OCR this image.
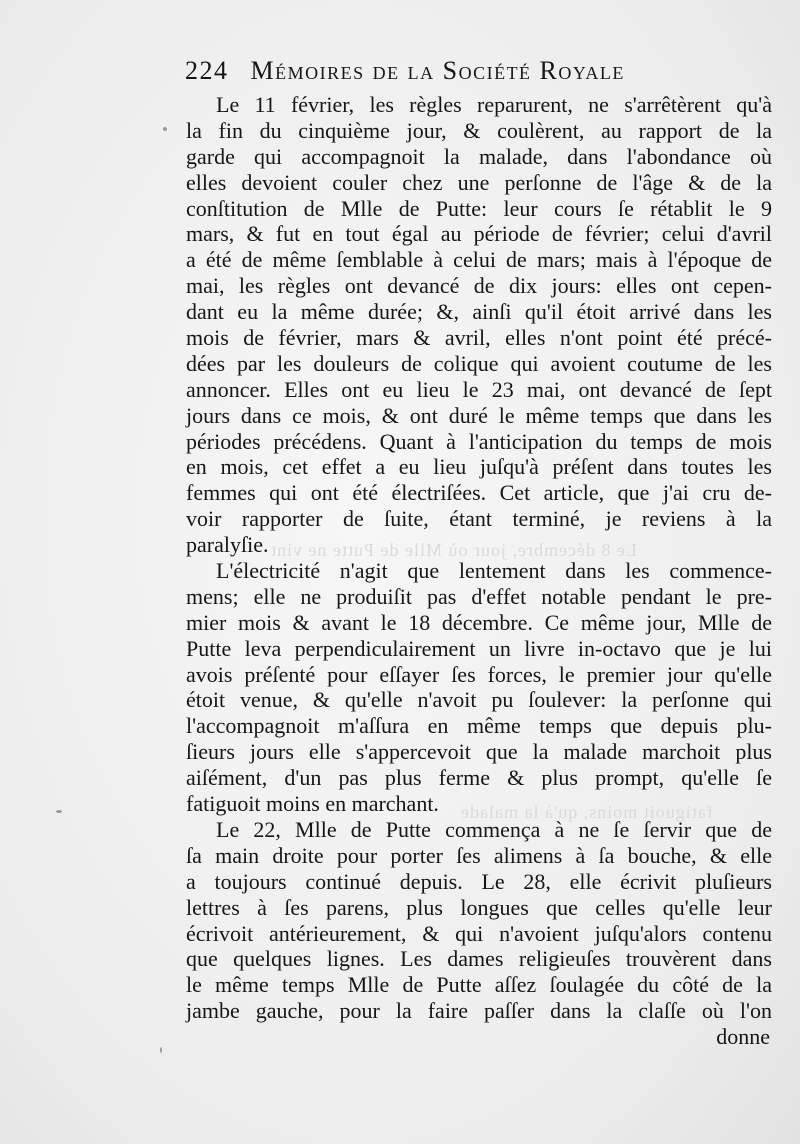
Le 8 décembre, jour où Mlle de Putte ne vint
fatiguoit moins, qu'à la malade
224 Mémoires de la Société Royale
Le 11 février, les règles reparurent, ne s'arrêtèrent qu'à
la fin du cinquième jour, & coulèrent, au rapport de la
garde qui accompagnoit la malade, dans l'abondance où
elles devoient couler chez une perſonne de l'âge & de la
conſtitution de Mlle de Putte: leur cours ſe rétablit le 9
mars, & fut en tout égal au période de février; celui d'avril
a été de même ſemblable à celui de mars; mais à l'époque de
mai, les règles ont devancé de dix jours: elles ont cepen-
dant eu la même durée; &, ainſi qu'il étoit arrivé dans les
mois de février, mars & avril, elles n'ont point été précé-
dées par les douleurs de colique qui avoient coutume de les
annoncer. Elles ont eu lieu le 23 mai, ont devancé de ſept
jours dans ce mois, & ont duré le même temps que dans les
périodes précédens. Quant à l'anticipation du temps de mois
en mois, cet effet a eu lieu juſqu'à préſent dans toutes les
femmes qui ont été électriſées. Cet article, que j'ai cru de-
voir rapporter de ſuite, étant terminé, je reviens à la
paralyſie.
L'électricité n'agit que lentement dans les commence-
mens; elle ne produiſit pas d'effet notable pendant le pre-
mier mois & avant le 18 décembre. Ce même jour, Mlle de
Putte leva perpendiculairement un livre in-octavo que je lui
avois préſenté pour eſſayer ſes forces, le premier jour qu'elle
étoit venue, & qu'elle n'avoit pu ſoulever: la perſonne qui
l'accompagnoit m'aſſura en même temps que depuis plu-
ſieurs jours elle s'appercevoit que la malade marchoit plus
aiſément, d'un pas plus ferme & plus prompt, qu'elle ſe
fatiguoit moins en marchant.
Le 22, Mlle de Putte commença à ne ſe ſervir que de
ſa main droite pour porter ſes alimens à ſa bouche, & elle
a toujours continué depuis. Le 28, elle écrivit pluſieurs
lettres à ſes parens, plus longues que celles qu'elle leur
écrivoit antérieurement, & qui n'avoient juſqu'alors contenu
que quelques lignes. Les dames religieuſes trouvèrent dans
le même temps Mlle de Putte aſſez ſoulagée du côté de la
jambe gauche, pour la faire paſſer dans la claſſe où l'on
donne
